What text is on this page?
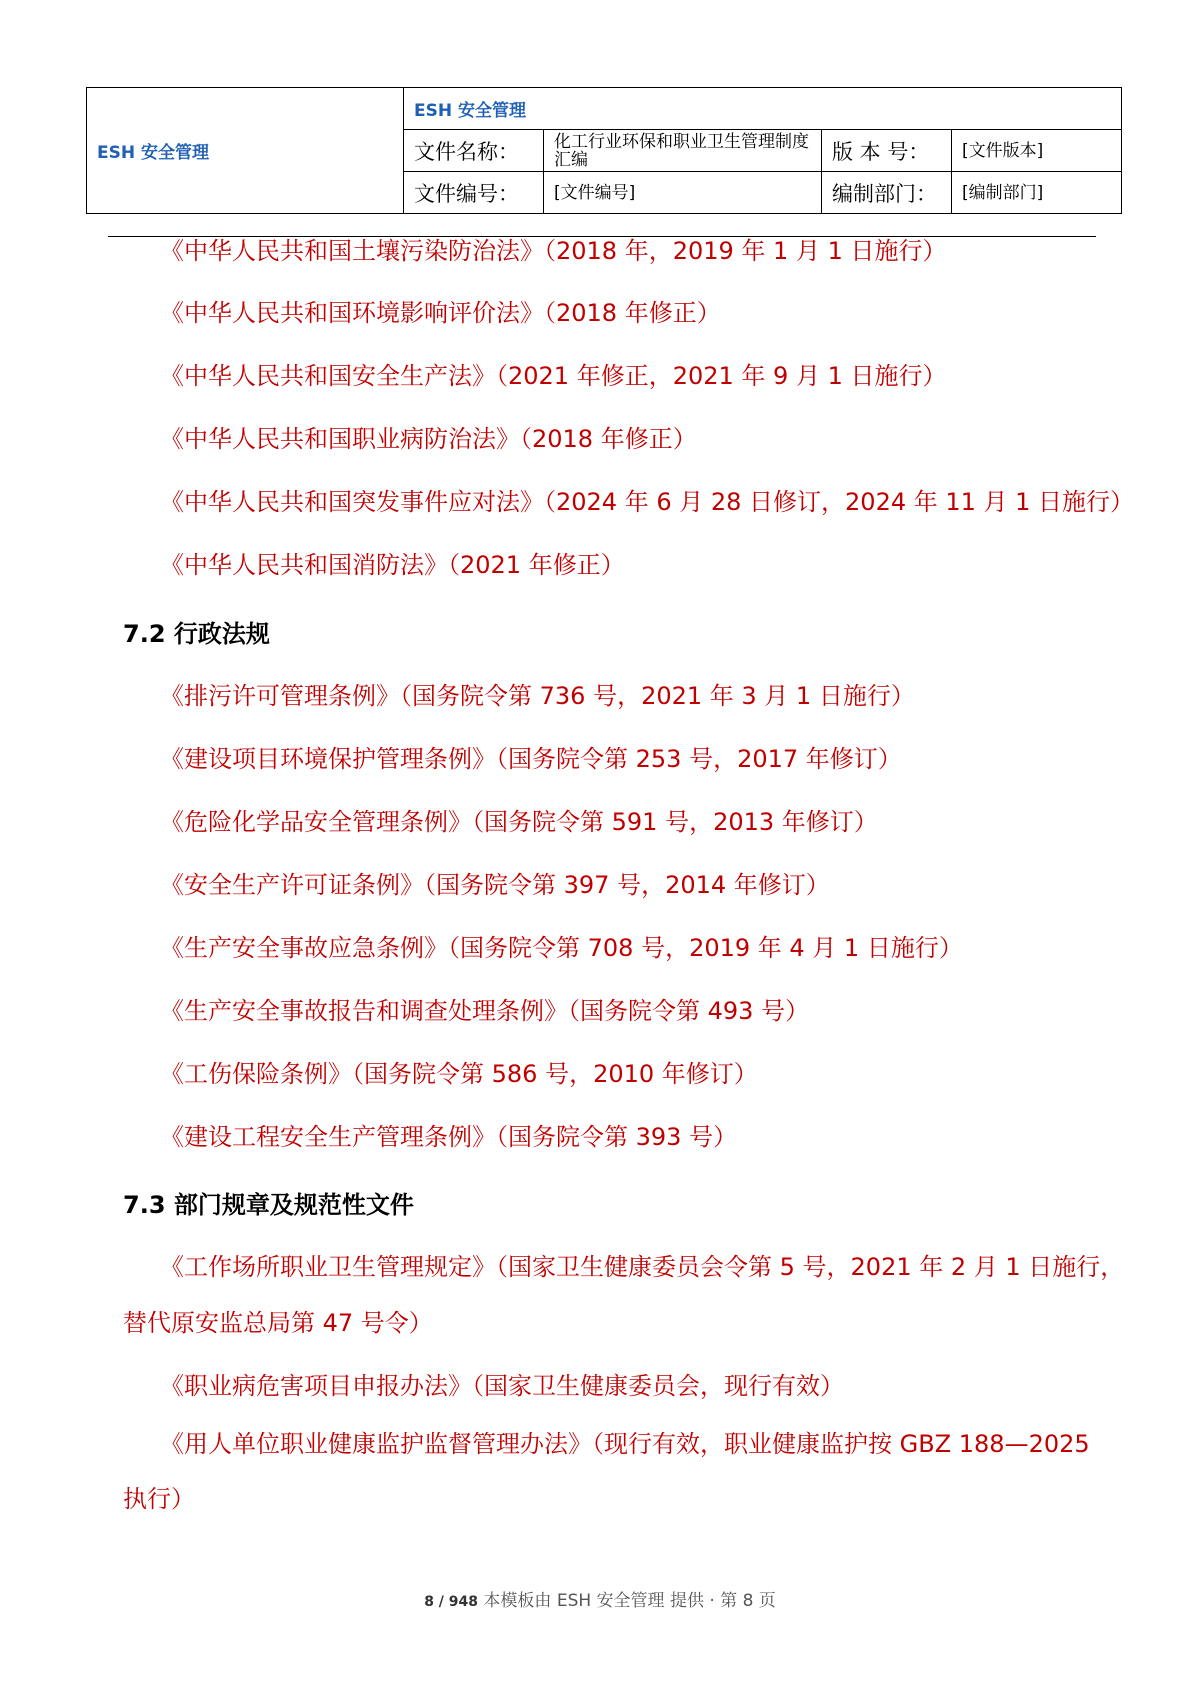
ESH 安全管理	ESH 安全管理			
	文件名称：	化工行业环保和职业卫生管理制度汇编	版 本 号：	[文件版本]
	文件编号：	[文件编号]	编制部门：	[编制部门]
《中华人民共和国土壤污染防治法》（2018 年，2019 年 1 月 1 日施行）
《中华人民共和国环境影响评价法》（2018 年修正）
《中华人民共和国安全生产法》（2021 年修正，2021 年 9 月 1 日施行）
《中华人民共和国职业病防治法》（2018 年修正）
《中华人民共和国突发事件应对法》（2024 年 6 月 28 日修订，2024 年 11 月 1 日施行）
《中华人民共和国消防法》（2021 年修正）
7.2 行政法规
《排污许可管理条例》（国务院令第 736 号，2021 年 3 月 1 日施行）
《建设项目环境保护管理条例》（国务院令第 253 号，2017 年修订）
《危险化学品安全管理条例》（国务院令第 591 号，2013 年修订）
《安全生产许可证条例》（国务院令第 397 号，2014 年修订）
《生产安全事故应急条例》（国务院令第 708 号，2019 年 4 月 1 日施行）
《生产安全事故报告和调查处理条例》（国务院令第 493 号）
《工伤保险条例》（国务院令第 586 号，2010 年修订）
《建设工程安全生产管理条例》（国务院令第 393 号）
7.3 部门规章及规范性文件
《工作场所职业卫生管理规定》（国家卫生健康委员会令第 5 号，2021 年 2 月 1 日施行，
替代原安监总局第 47 号令）
《职业病危害项目申报办法》（国家卫生健康委员会，现行有效）
《用人单位职业健康监护监督管理办法》（现行有效，职业健康监护按 GBZ 188—2025
执行）
8 / 948 本模板由 ESH 安全管理 提供 · 第 8 页
